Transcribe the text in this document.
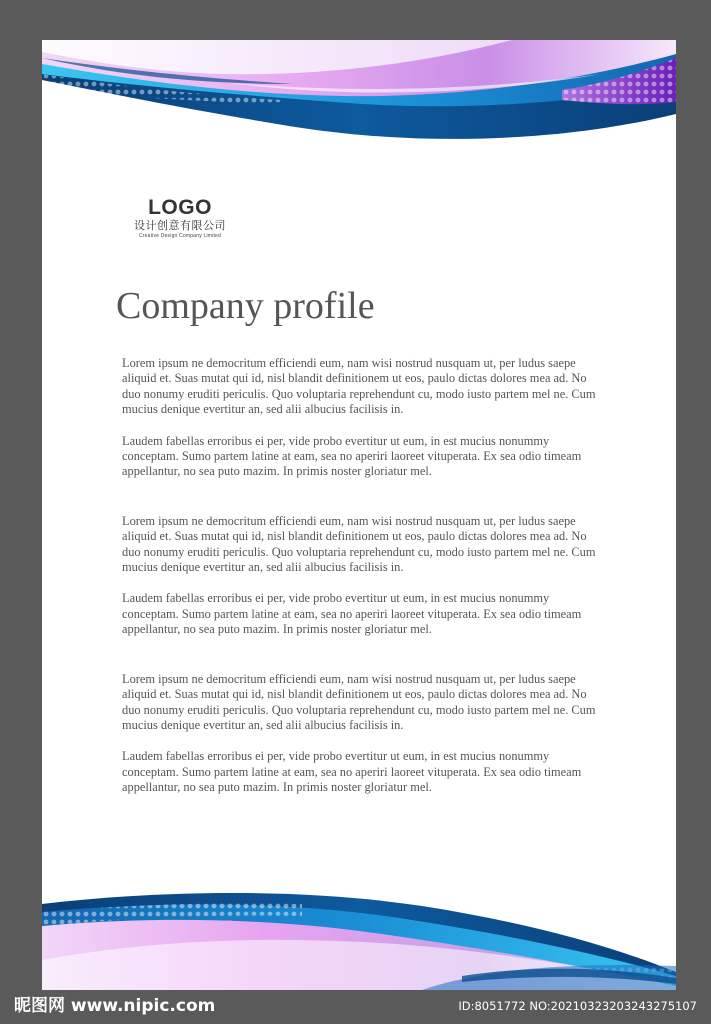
LOGO
设计创意有限公司
Creative Design Company Limited
Company profile

Lorem ipsum ne democritum efficiendi eum, nam wisi nostrud nusquam ut, per ludus saepe aliquid et. Suas mutat qui id, nisl blandit definitionem ut eos, paulo dictas dolores mea ad. No duo nonumy eruditi periculis. Quo voluptaria reprehendunt cu, modo iusto partem mel ne. Cum mucius denique evertitur an, sed alii albucius facilisis in.

Laudem fabellas erroribus ei per, vide probo evertitur ut eum, in est mucius nonummy conceptam. Sumo partem latine at eam, sea no aperiri laoreet vituperata. Ex sea odio timeam appellantur, no sea puto mazim. In primis noster gloriatur mel.

Lorem ipsum ne democritum efficiendi eum, nam wisi nostrud nusquam ut, per ludus saepe aliquid et. Suas mutat qui id, nisl blandit definitionem ut eos, paulo dictas dolores mea ad. No duo nonumy eruditi periculis. Quo voluptaria reprehendunt cu, modo iusto partem mel ne. Cum mucius denique evertitur an, sed alii albucius facilisis in.

Laudem fabellas erroribus ei per, vide probo evertitur ut eum, in est mucius nonummy conceptam. Sumo partem latine at eam, sea no aperiri laoreet vituperata. Ex sea odio timeam appellantur, no sea puto mazim. In primis noster gloriatur mel.

Lorem ipsum ne democritum efficiendi eum, nam wisi nostrud nusquam ut, per ludus saepe aliquid et. Suas mutat qui id, nisl blandit definitionem ut eos, paulo dictas dolores mea ad. No duo nonumy eruditi periculis. Quo voluptaria reprehendunt cu, modo iusto partem mel ne. Cum mucius denique evertitur an, sed alii albucius facilisis in.

Laudem fabellas erroribus ei per, vide probo evertitur ut eum, in est mucius nonummy conceptam. Sumo partem latine at eam, sea no aperiri laoreet vituperata. Ex sea odio timeam appellantur, no sea puto mazim. In primis noster gloriatur mel.

昵图网 www.nipic.com	ID:8051772 NO:20210323203243275107
